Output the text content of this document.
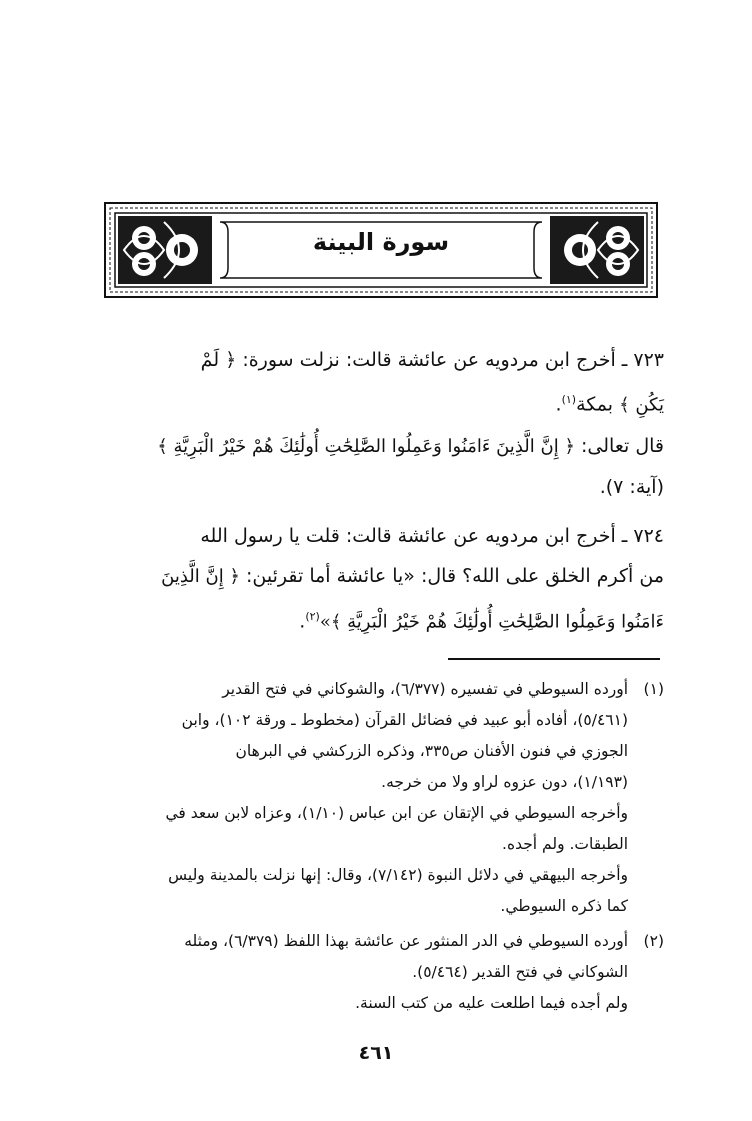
سورة البينة
٧٢٣ ـ أخرج ابن مردويه عن عائشة قالت: نزلت سورة: ﴿ لَمْ
يَكُنِ ﴾ بمكة$^{(١)}$.
قال تعالى: ﴿ إِنَّ الَّذِينَ ءَامَنُوا وَعَمِلُوا الصَّٰلِحَٰتِ أُولَٰئِكَ هُمْ خَيْرُ الْبَرِيَّةِ ﴾
(آية: ٧).
٧٢٤ ـ أخرج ابن مردويه عن عائشة قالت: قلت يا رسول الله
من أكرم الخلق على الله؟ قال: «يا عائشة أما تقرئين: ﴿ إِنَّ الَّذِينَ
ءَامَنُوا وَعَمِلُوا الصَّٰلِحَٰتِ أُولَٰئِكَ هُمْ خَيْرُ الْبَرِيَّةِ ﴾»$^{(٢)}$.
(١)أورده السيوطي في تفسيره (٦/٣٧٧)، والشوكاني في فتح القدير
(٥/٤٦١)، أفاده أبو عبيد في فضائل القرآن (مخطوط ـ ورقة ١٠٢)، وابن
الجوزي في فنون الأفنان ص٣٣٥، وذكره الزركشي في البرهان
(١/١٩٣)، دون عزوه لراو ولا من خرجه.
وأخرجه السيوطي في الإتقان عن ابن عباس (١/١٠)، وعزاه لابن سعد في
الطبقات. ولم أجده.
وأخرجه البيهقي في دلائل النبوة (٧/١٤٢)، وقال: إنها نزلت بالمدينة وليس
كما ذكره السيوطي.
(٢)أورده السيوطي في الدر المنثور عن عائشة بهذا اللفظ (٦/٣٧٩)، ومثله
الشوكاني في فتح القدير (٥/٤٦٤).
ولم أجده فيما اطلعت عليه من كتب السنة.
٤٦١
